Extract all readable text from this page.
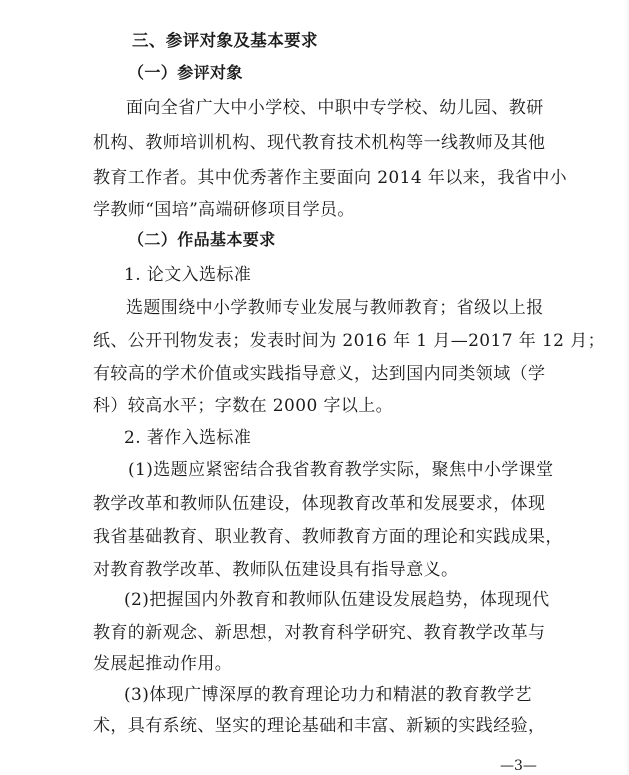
三、参评对象及基本要求
（一）参评对象
面向全省广大中小学校、中职中专学校、幼儿园、教研
机构、教师培训机构、现代教育技术机构等一线教师及其他
教育工作者。其中优秀著作主要面向 2014 年以来，我省中小
学教师“国培”高端研修项目学员。
（二）作品基本要求
1. 论文入选标准
选题围绕中小学教师专业发展与教师教育；省级以上报
纸、公开刊物发表；发表时间为 2016 年 1 月—2017 年 12 月；
有较高的学术价值或实践指导意义，达到国内同类领域（学
科）较高水平；字数在 2000 字以上。
2. 著作入选标准
(1)选题应紧密结合我省教育教学实际，聚焦中小学课堂
教学改革和教师队伍建设，体现教育改革和发展要求，体现
我省基础教育、职业教育、教师教育方面的理论和实践成果，
对教育教学改革、教师队伍建设具有指导意义。
(2)把握国内外教育和教师队伍建设发展趋势，体现现代
教育的新观念、新思想，对教育科学研究、教育教学改革与
发展起推动作用。
(3)体现广博深厚的教育理论功力和精湛的教育教学艺
术，具有系统、坚实的理论基础和丰富、新颖的实践经验，
—3—
